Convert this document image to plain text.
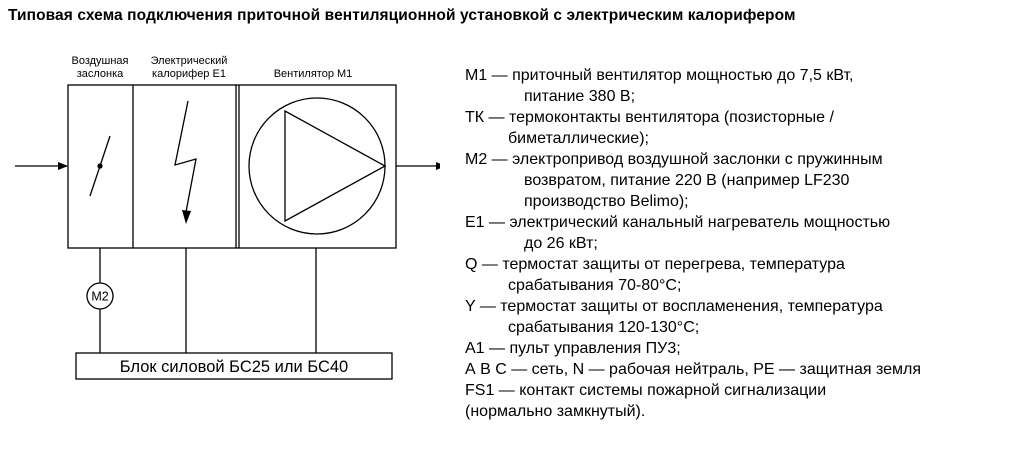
Типовая схема подключения приточной вентиляционной установкой с электрическим калорифером
Воздушная
заслонка
Электрический
калорифер Е1	Вентилятор М1
М2
Блок силовой БС25 или БС40
М1 — приточный вентилятор мощностью до 7,5 кВт,
питание 380 В;
ТК — термоконтакты вентилятора (позисторные /
биметаллические);
М2 — электропривод воздушной заслонки с пружинным
возвратом, питание 220 В (например LF230
производство Belimo);
Е1 — электрический канальный нагреватель мощностью
до 26 кВт;
Q — термостат защиты от перегрева, температура
срабатывания 70-80°С;
Y — термостат защиты от воспламенения, температура
срабатывания 120-130°С;
А1 — пульт управления ПУ3;
А В С — сеть, N — рабочая нейтраль, PE — защитная земля
FS1 — контакт системы пожарной сигнализации
(нормально замкнутый).
